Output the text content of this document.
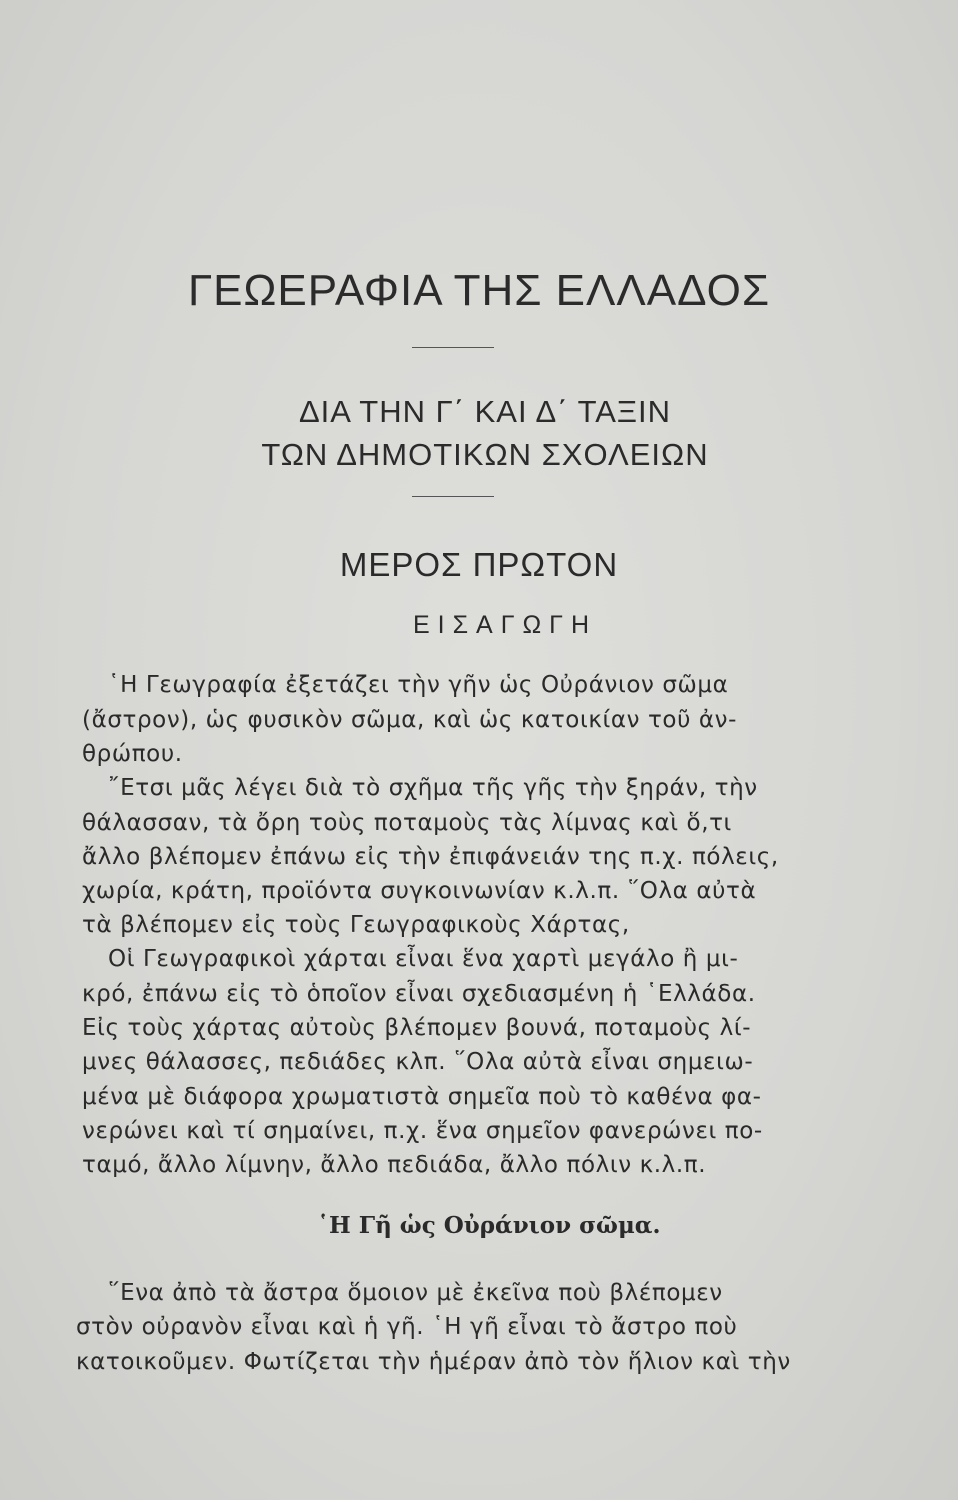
ΓΕΩΕΡΑΦΙΑ ΤΗΣ ΕΛΛΑΔΟΣ
ΔΙΑ ΤΗΝ Γ΄ ΚΑΙ Δ΄ ΤΑΞΙΝ
ΤΩΝ ΔΗΜΟΤΙΚΩΝ ΣΧΟΛΕΙΩΝ
ΜΕΡΟΣ ΠΡΩΤΟΝ
ΕΙΣΑΓΩΓΗ
῾Η Γεωγραφία ἐξετάζει τὴν γῆν ὡς Οὐράνιον σῶμα
(ἄστρον), ὡς φυσικὸν σῶμα, καὶ ὡς κατοικίαν τοῦ ἀν-
θρώπου.
῎Ετσι μᾶς λέγει διὰ τὸ σχῆμα τῆς γῆς τὴν ξηράν, τὴν
θάλασσαν, τὰ ὄρη τοὺς ποταμοὺς τὰς λίμνας καὶ ὅ,τι
ἄλλο βλέπομεν ἐπάνω εἰς τὴν ἐπιφάνειάν της π.χ. πόλεις,
χωρία, κράτη, προϊόντα συγκοινωνίαν κ.λ.π. ῞Ολα αὐτὰ
τὰ βλέπομεν εἰς τοὺς Γεωγραφικοὺς Χάρτας,
Οἱ Γεωγραφικοὶ χάρται εἶναι ἕνα χαρτὶ μεγάλο ἢ μι-
κρό, ἐπάνω εἰς τὸ ὁποῖον εἶναι σχεδιασμένη ἡ ῾Ελλάδα.
Εἰς τοὺς χάρτας αὐτοὺς βλέπομεν βουνά, ποταμοὺς λί-
μνες θάλασσες, πεδιάδες κλπ. ῞Ολα αὐτὰ εἶναι σημειω-
μένα μὲ διάφορα χρωματιστὰ σημεῖα ποὺ τὸ καθένα φα-
νερώνει καὶ τί σημαίνει, π.χ. ἕνα σημεῖον φανερώνει πο-
ταμό, ἄλλο λίμνην, ἄλλο πεδιάδα, ἄλλο πόλιν κ.λ.π.
῾Η Γῆ ὡς Οὐράνιον σῶμα.
῞Ενα ἀπὸ τὰ ἄστρα ὅμοιον μὲ ἐκεῖνα ποὺ βλέπομεν
στὸν οὐρανὸν εἶναι καὶ ἡ γῆ. ῾Η γῆ εἶναι τὸ ἄστρο ποὺ
κατοικοῦμεν. Φωτίζεται τὴν ἡμέραν ἀπὸ τὸν ἥλιον καὶ τὴν
